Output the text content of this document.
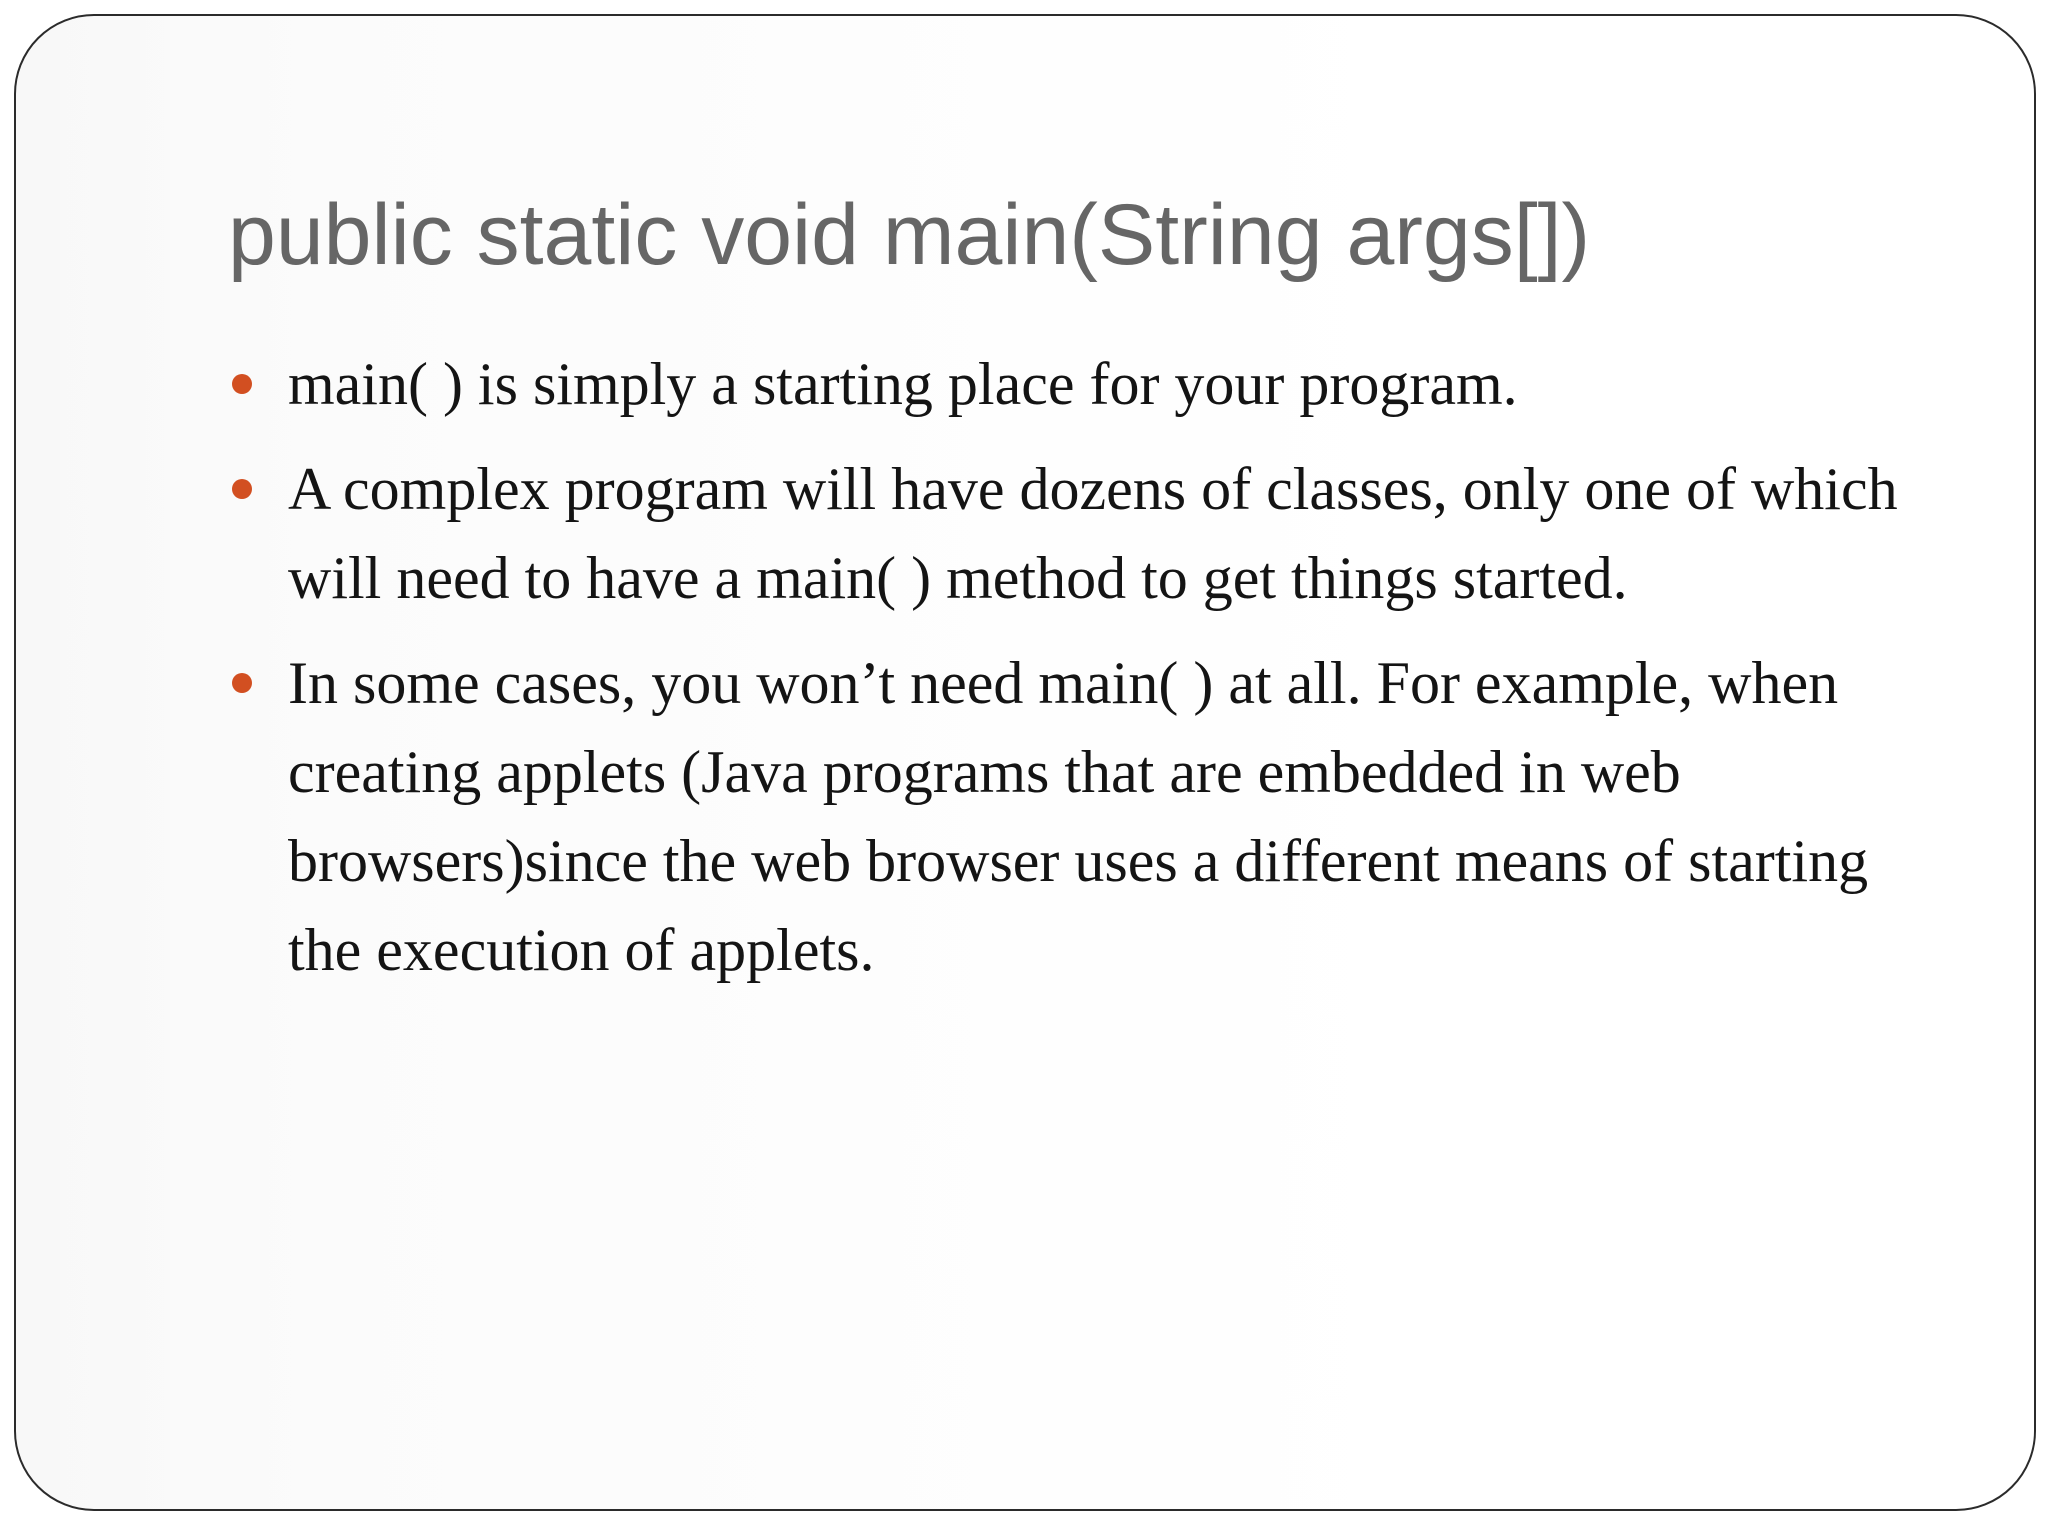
public static void main(String args[])
main( ) is simply a starting place for your program.
A complex program will have dozens of classes, only one of which will need to have a main( ) method to get things started.
In some cases, you won’t need main( ) at all. For example, when creating applets (Java programs that are embedded in web browsers)since the web browser uses a different means of starting the execution of applets.
